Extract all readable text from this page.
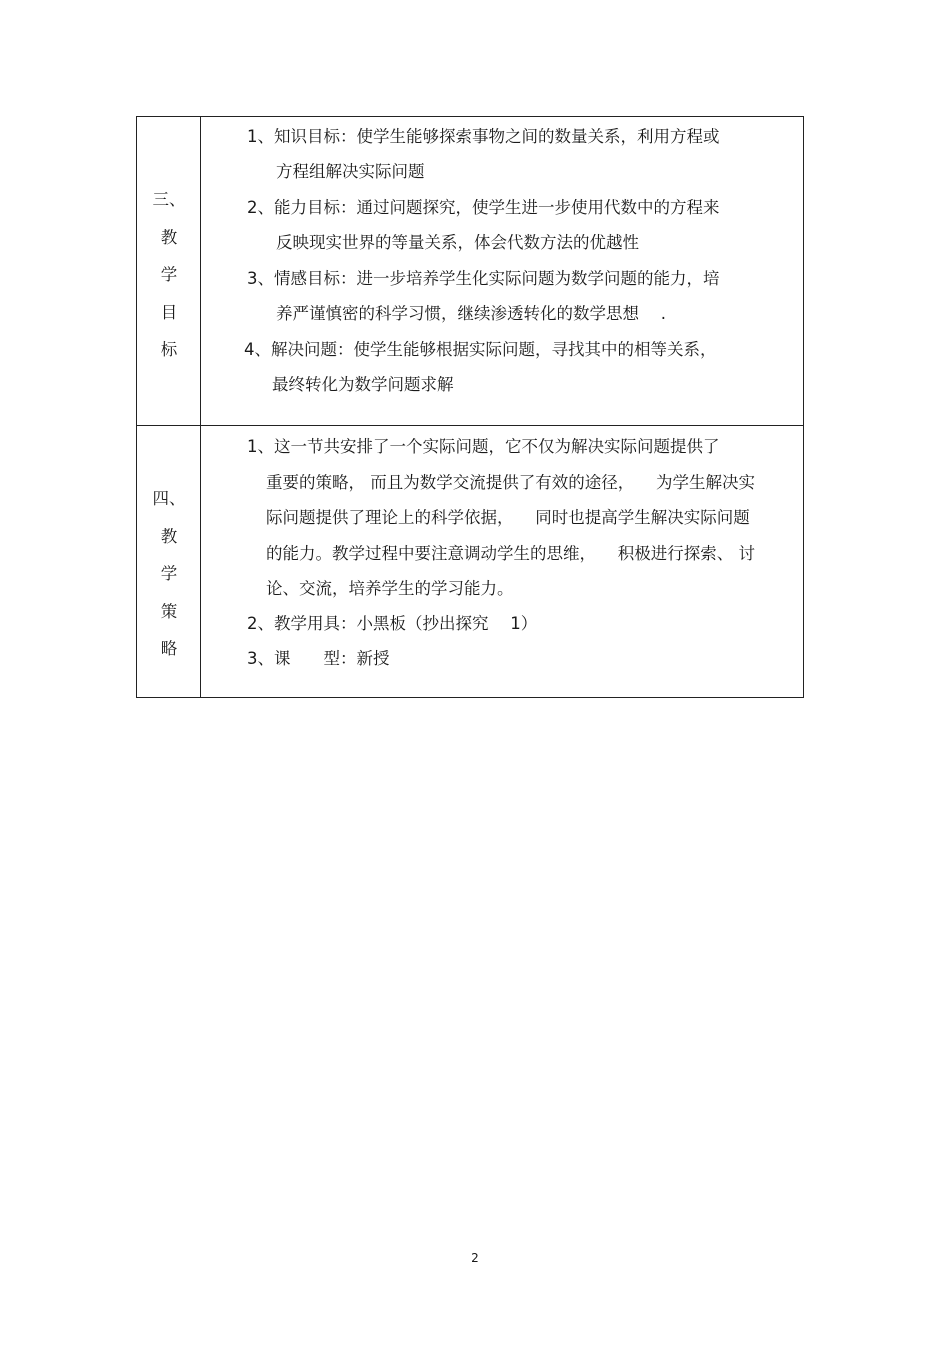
三、
教
学
目
标
1、知识目标：使学生能够探索事物之间的数量关系，利用方程或
方程组解决实际问题
2、能力目标：通过问题探究，使学生进一步使用代数中的方程来
反映现实世界的等量关系，体会代数方法的优越性
3、情感目标：进一步培养学生化实际问题为数学问题的能力，培
养严谨慎密的科学习惯，继续渗透转化的数学思想 　.
4、解决问题：使学生能够根据实际问题，寻找其中的相等关系，
最终转化为数学问题求解
四、
教
学
策
略
1、这一节共安排了一个实际问题，它不仅为解决实际问题提供了
重要的策略， 而且为数学交流提供了有效的途径， 　为学生解决实
际问题提供了理论上的科学依据， 　同时也提高学生解决实际问题
的能力。教学过程中要注意调动学生的思维， 　积极进行探索、 讨
论、交流，培养学生的学习能力。
2、教学用具：小黑板（抄出探究 　1）
3、课　　型：新授
2
